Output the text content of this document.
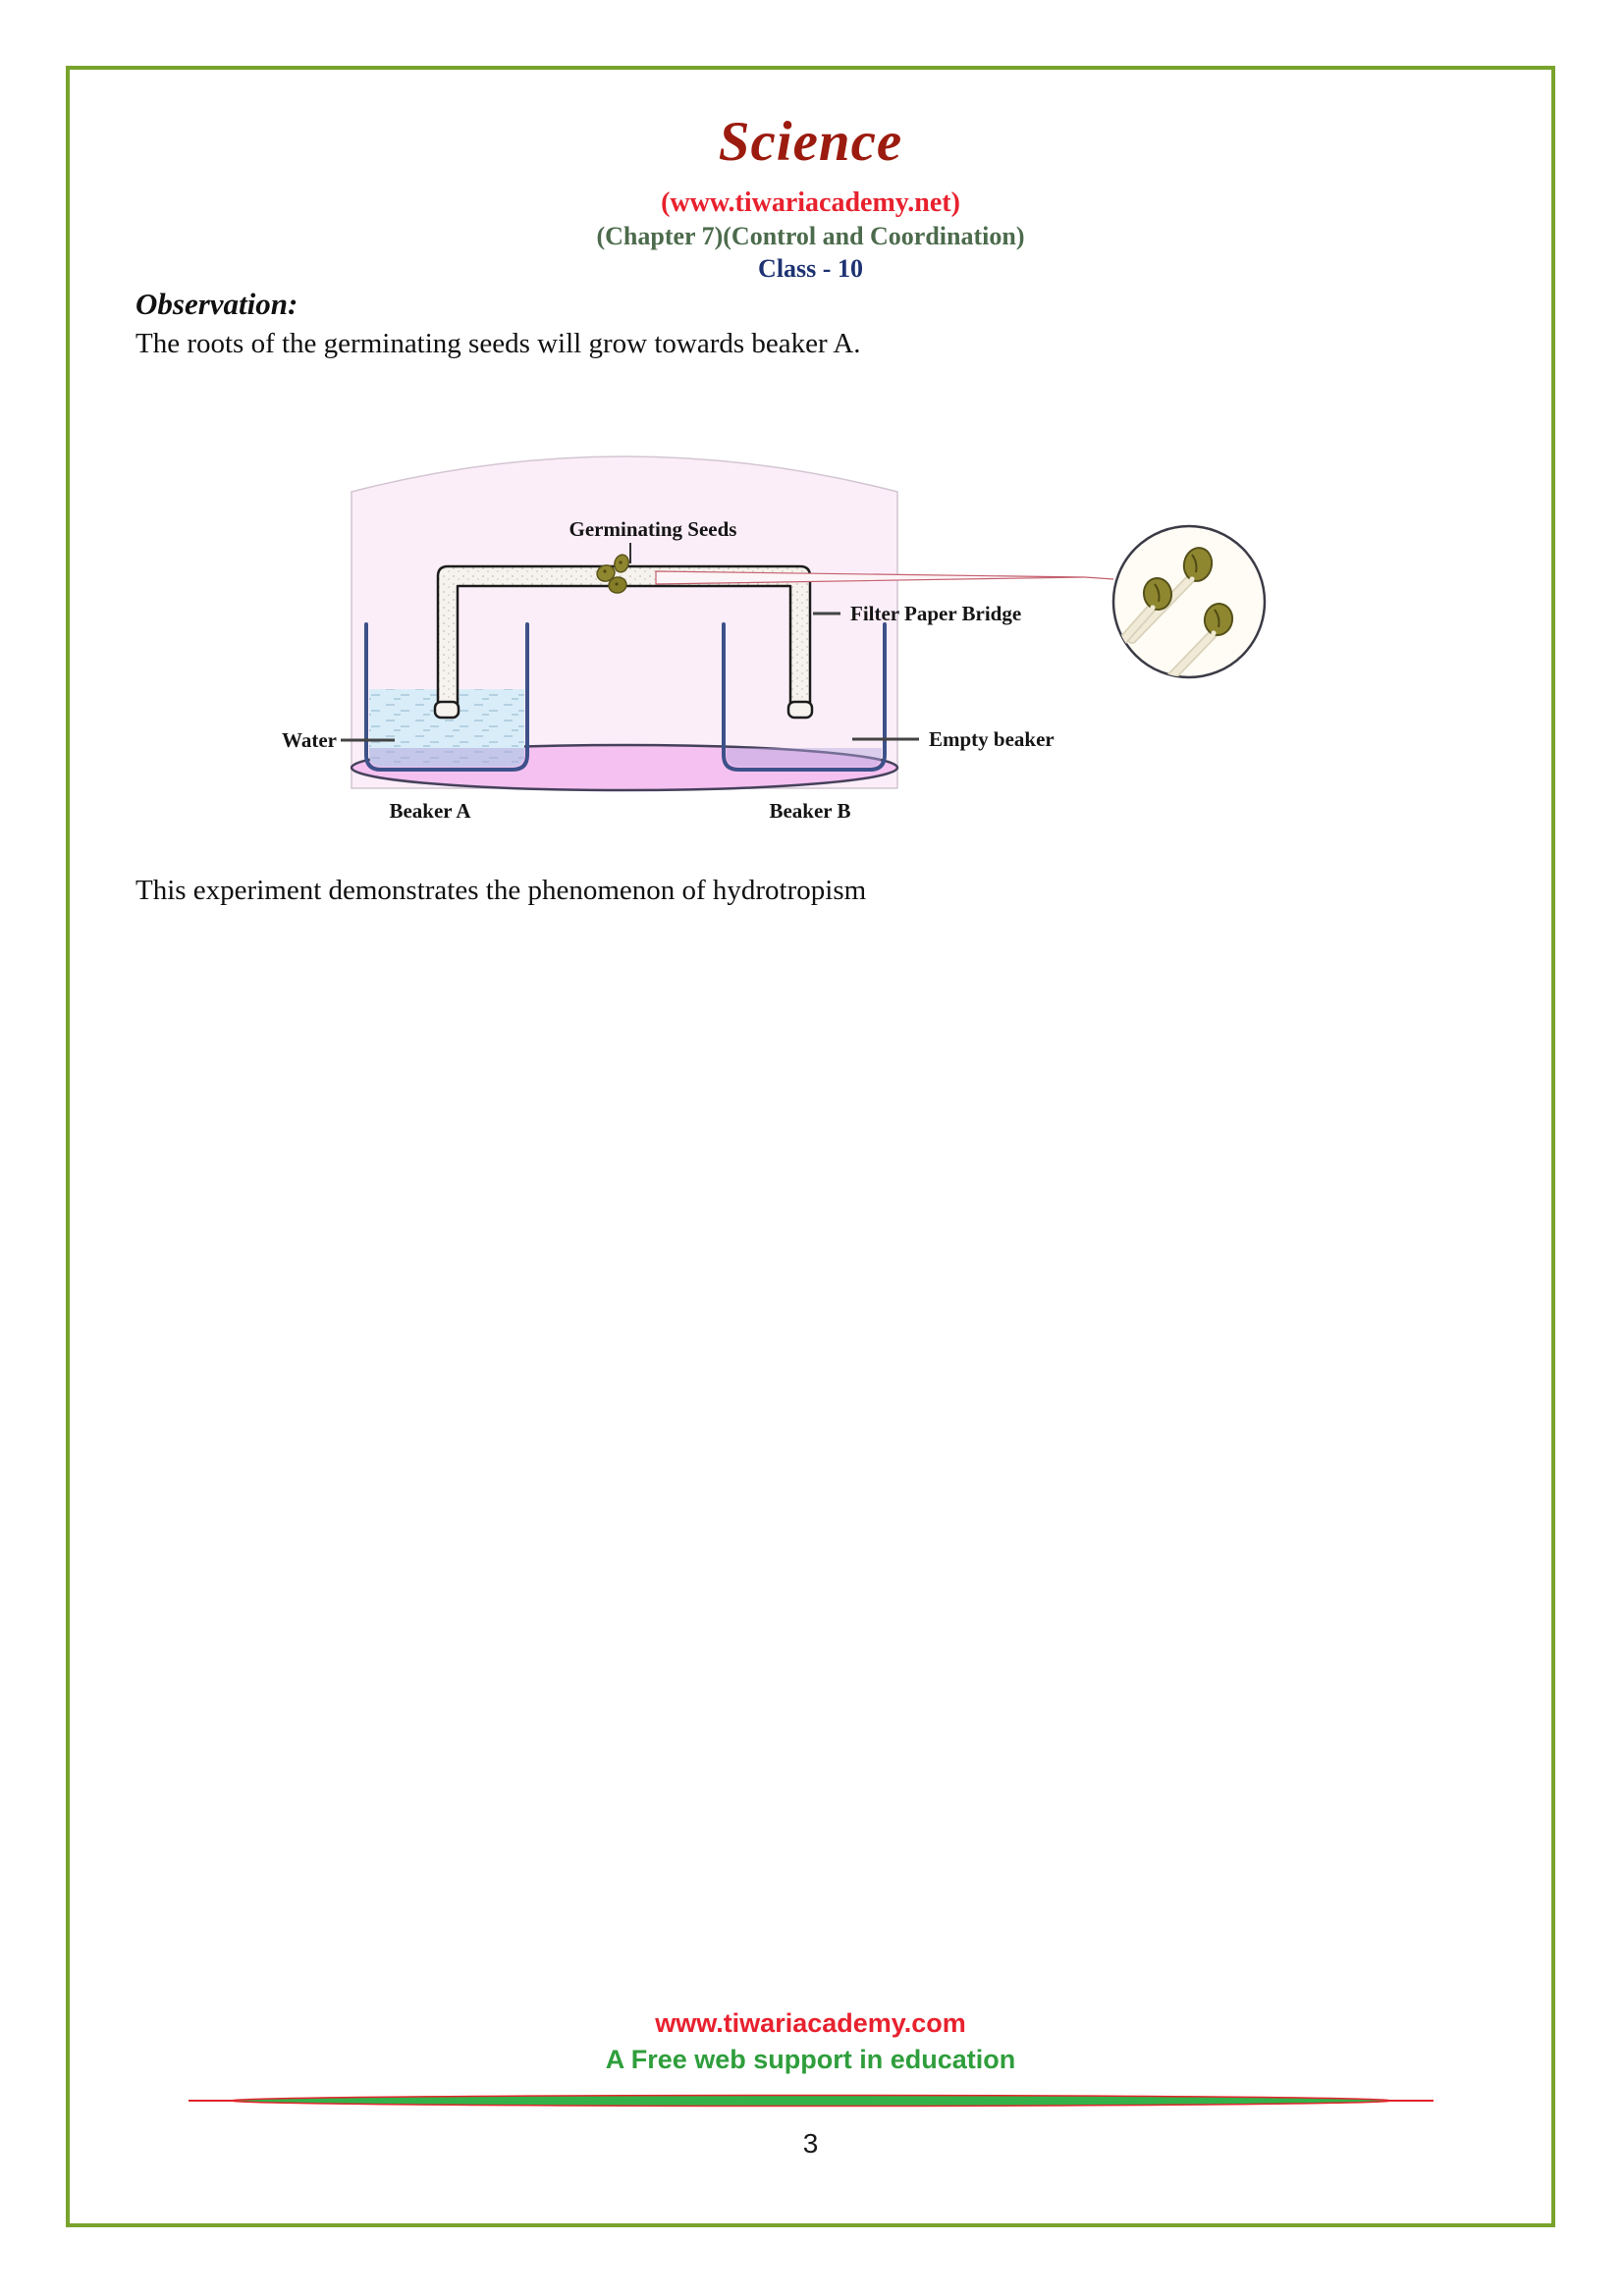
Science
(www.tiwariacademy.net)
(Chapter 7)(Control and Coordination)
Class - 10
Observation:
The roots of the germinating seeds will grow towards beaker A.
Germinating Seeds
Filter Paper Bridge
Water	Empty beaker
Beaker A	Beaker B
This experiment demonstrates the phenomenon of hydrotropism
www.tiwariacademy.com
A Free web support in education
3
